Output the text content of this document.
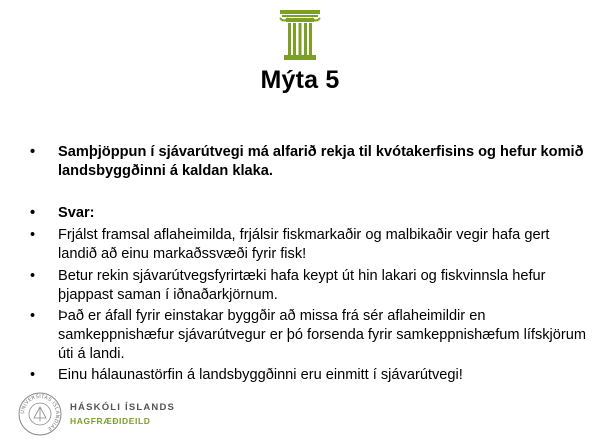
Mýta 5
•	Samþjöppun í sjávarútvegi má alfarið rekja til kvótakerfisins og hefur komið landsbyggðinni á kaldan klaka.
•	Svar:
•	Frjálst framsal aflaheimilda, frjálsir fiskmarkaðir og malbikaðir vegir hafa gert landið að einu markaðssvæði fyrir fisk!
•	Betur rekin sjávarútvegsfyrirtæki hafa keypt út hin lakari og fiskvinnsla hefur þjappast saman í iðnaðarkjörnum.
•	Það er áfall fyrir einstakar byggðir að missa frá sér aflaheimildir en samkeppnishæfur sjávarútvegur er þó forsenda fyrir samkeppnishæfum lífskjörum úti á landi.
•	Einu hálaunastörfin á landsbyggðinni eru einmitt í sjávarútvegi!
UNIVERSITAS ISLANDIAE
HÁSKÓLI ÍSLANDS
HAGFRÆÐIDEILD
